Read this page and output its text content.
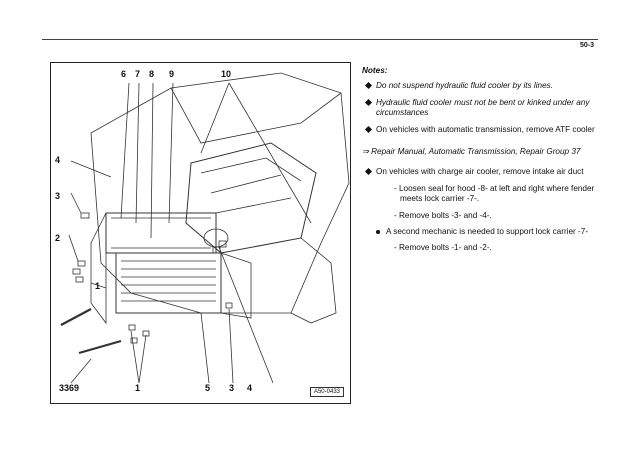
50-3
6 7 8 9	10
4
3
2
1
3369	1	5 3 4	A50-0433
Notes:
Do not suspend hydraulic fluid cooler by its lines.
Hydraulic fluid cooler must not be bent or kinked under any circumstances
On vehicles with automatic transmission, remove ATF cooler
⇒ Repair Manual, Automatic Transmission, Repair Group 37
On vehicles with charge air cooler, remove intake air duct
- Loosen seal for hood -8- at left and right where fender meets lock carrier -7-.
- Remove bolts -3- and -4-.
A second mechanic is needed to support lock carrier -7-
- Remove bolts -1- and -2-.
